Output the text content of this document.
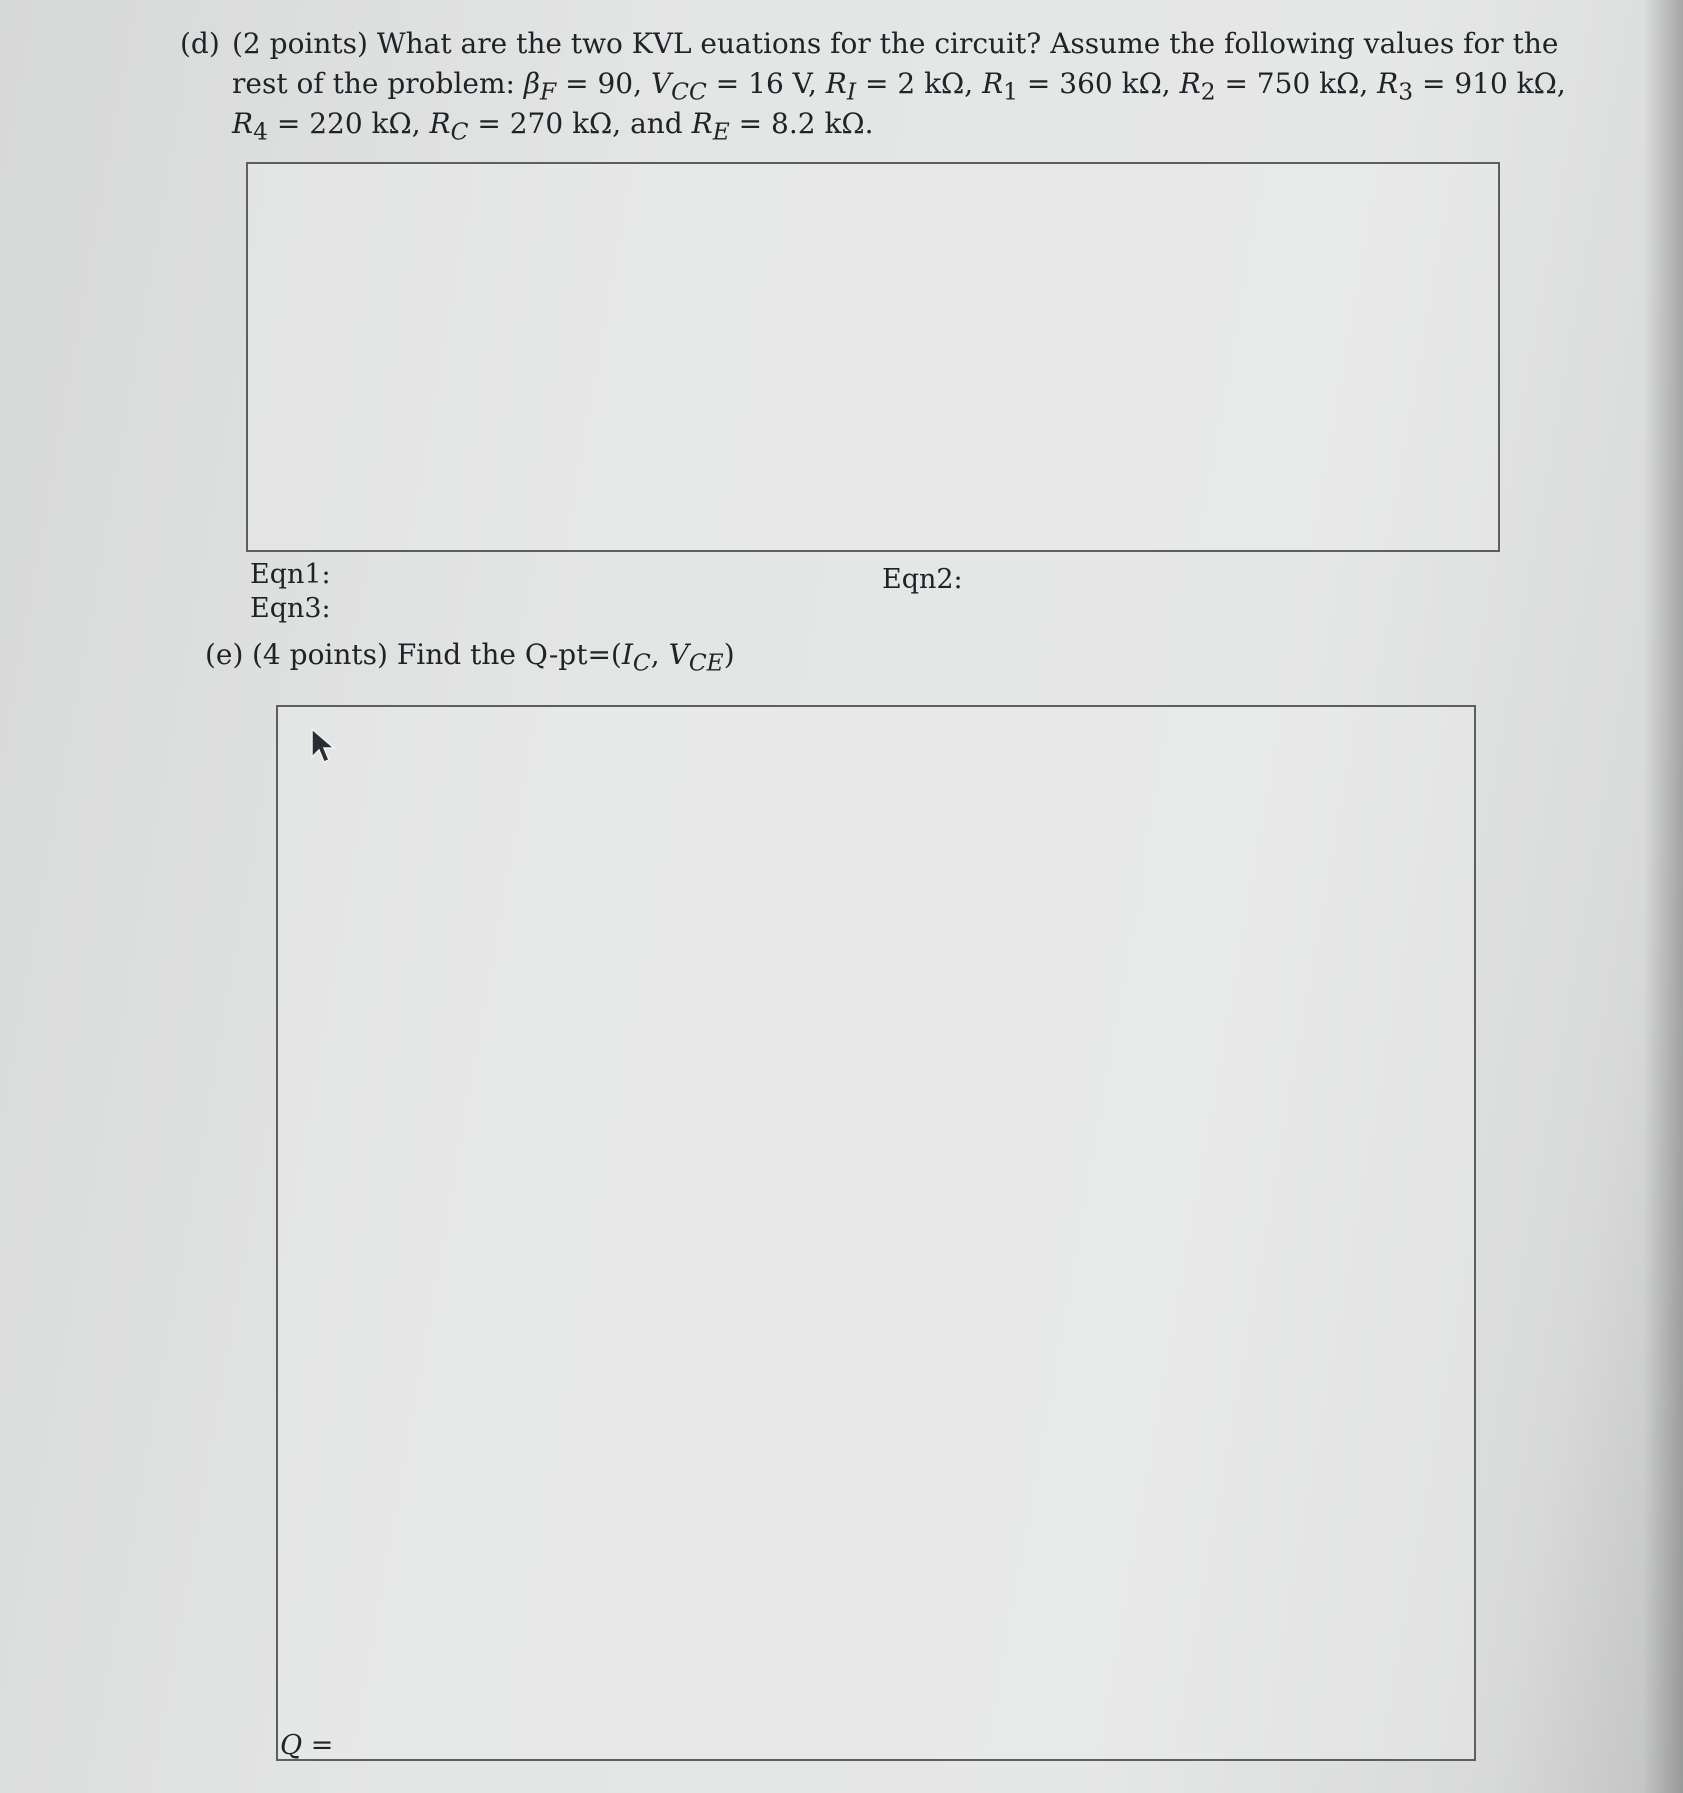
(d) (2 points) What are the two KVL euations for the circuit? Assume the following values for the
rest of the problem: $\beta_F = 90$, $V_{CC} = 16$ V, $R_I = 2$ kΩ, $R_1 = 360$ kΩ, $R_2 = 750$ kΩ, $R_3 = 910$ kΩ,
$R_4 = 220$ kΩ, $R_C = 270$ kΩ, and $R_E = 8.2$ kΩ.
Eqn1:	Eqn2:
Eqn3:
(e) (4 points) Find the $Q-pt=(I_C$, $V_{CE}$)
Q =
